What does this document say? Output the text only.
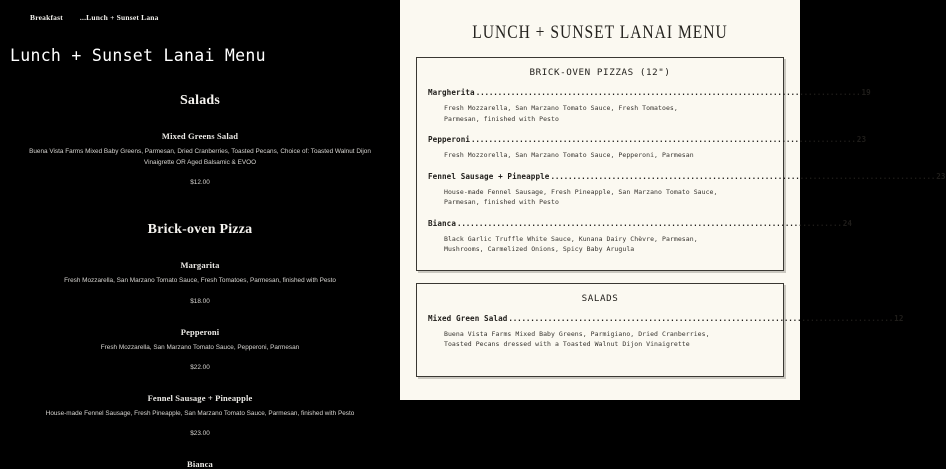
Breakfast ...Lunch + Sunset Lana
Lunch + Sunset Lanai Menu
Salads
Mixed Greens Salad
Buena Vista Farms Mixed Baby Greens, Parmesan, Dried Cranberries, Toasted Pecans, Choice of: Toasted Walnut Dijon Vinaigrette OR Aged Balsamic & EVOO
$12.00
Brick-oven Pizza
Margarita
Fresh Mozzarella, San Marzano Tomato Sauce, Fresh Tomatoes, Parmesan, finished with Pesto
$18.00
Pepperoni
Fresh Mozzarella, San Marzano Tomato Sauce, Pepperoni, Parmesan
$22.00
Fennel Sausage + Pineapple
House-made Fennel Sausage, Fresh Pineapple, San Marzano Tomato Sauce, Parmesan, finished with Pesto
$23.00
Bianca
LUNCH + SUNSET LANAI MENU
BRICK-OVEN PIZZAS (12")
Margherita .....	19
Fresh Mozzarella, San Marzano Tomato Sauce, Fresh Tomatoes,
Parmesan, finished with Pesto
Pepperoni .....	23
Fresh Mozzorella, San Marzano Tomato Sauce, Pepperoni, Parmesan
Fennel Sausage + Pineapple .....	23
House-made Fennel Sausage, Fresh Pineapple, San Marzano Tomato Sauce,
Parmesan, finished with Pesto
Bianca .....	24
Black Garlic Truffle White Sauce, Kunana Dairy Chèvre, Parmesan,
Mushrooms, Carmelized Onions, Spicy Baby Arugula
SALADS
Mixed Green Salad .....	12
Buena Vista Farms Mixed Baby Greens, Parmigiano, Dried Cranberries,
Toasted Pecans dressed with a Toasted Walnut Dijon Vinaigrette
